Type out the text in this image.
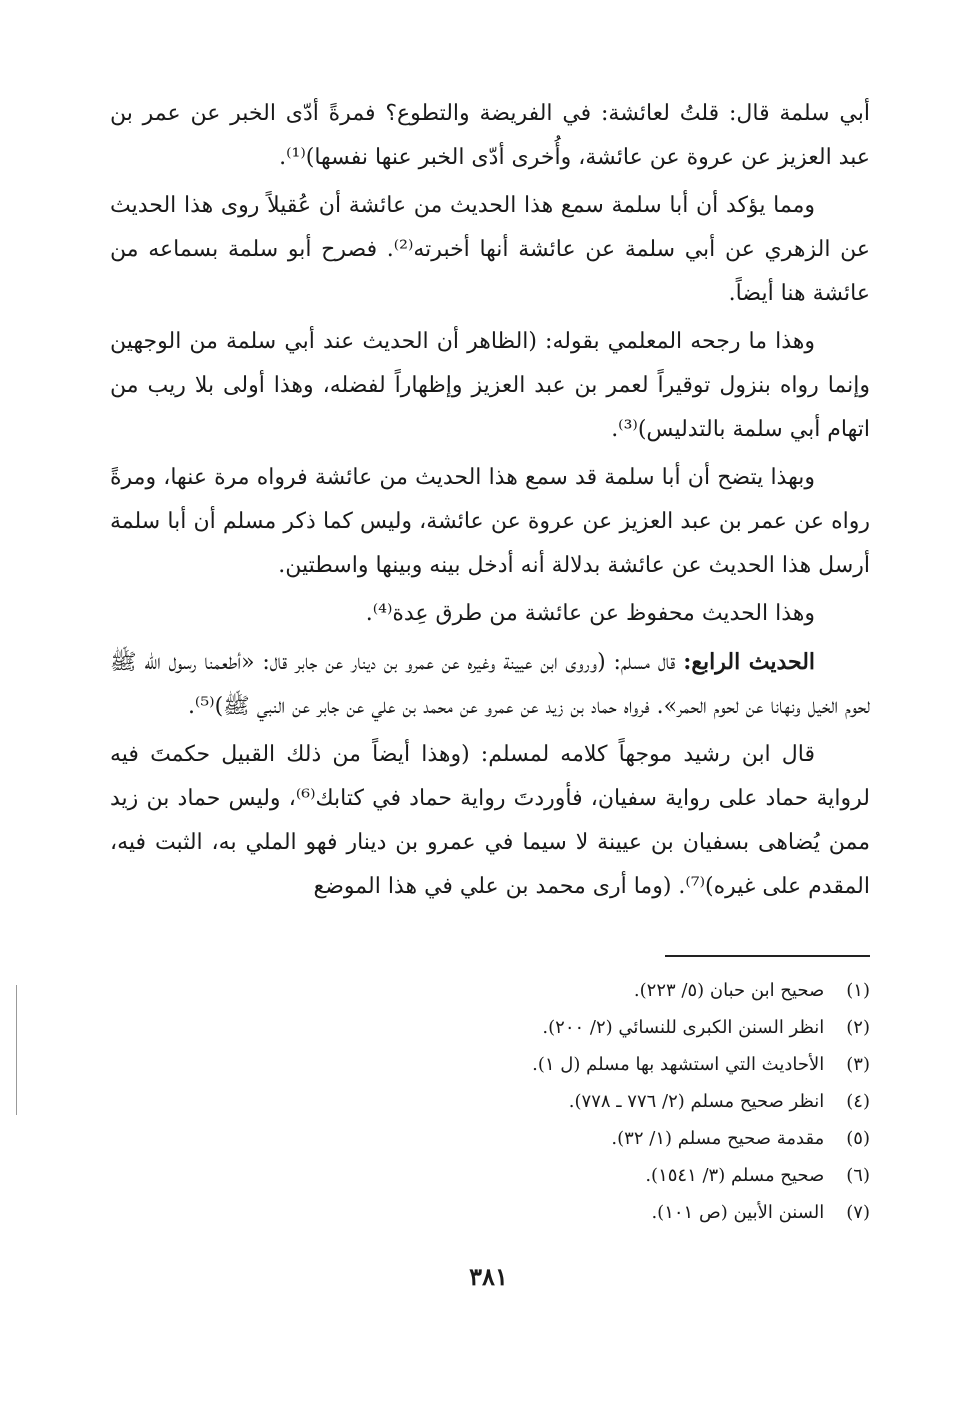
أبي سلمة قال: قلتُ لعائشة: في الفريضة والتطوع؟ فمرةً أدّى الخبر عن عمر بن عبد العزيز عن عروة عن عائشة، وأُخرى أدّى الخبر عنها نفسها)⁽¹⁾.

ومما يؤكد أن أبا سلمة سمع هذا الحديث من عائشة أن عُقيلاً روى هذا الحديث عن الزهري عن أبي سلمة عن عائشة أنها أخبرته⁽²⁾. فصرح أبو سلمة بسماعه من عائشة هنا أيضاً.

وهذا ما رجحه المعلمي بقوله: (الظاهر أن الحديث عند أبي سلمة من الوجهين وإنما رواه بنزول توقيراً لعمر بن عبد العزيز وإظهاراً لفضله، وهذا أولى بلا ريب من اتهام أبي سلمة بالتدليس)⁽³⁾.

وبهذا يتضح أن أبا سلمة قد سمع هذا الحديث من عائشة فرواه مرة عنها، ومرةً رواه عن عمر بن عبد العزيز عن عروة عن عائشة، وليس كما ذكر مسلم أن أبا سلمة أرسل هذا الحديث عن عائشة بدلالة أنه أدخل بينه وبينها واسطتين.

وهذا الحديث محفوظ عن عائشة من طرق عِدة⁽⁴⁾.

الحديث الرابع: قال مسلم: (وروى ابن عيينة وغيره عن عمرو بن دينار عن جابر قال: «أطعمنا رسول الله ﷺ لحوم الخيل ونهانا عن لحوم الحمر». فرواه حماد بن زيد عن عمرو عن محمد بن علي عن جابر عن النبي ﷺ)⁽⁵⁾.

قال ابن رشيد موجهاً كلامه لمسلم: (وهذا أيضاً من ذلك القبيل حكمتَ فيه لرواية حماد على رواية سفيان، فأوردتَ رواية حماد في كتابك⁽⁶⁾، وليس حماد بن زيد ممن يُضاهى بسفيان بن عيينة لا سيما في عمرو بن دينار فهو الملي به، الثبت فيه، المقدم على غيره)⁽⁷⁾. (وما أرى محمد بن علي في هذا الموضع

(١) صحيح ابن حبان (٥/ ٢٢٣).
(٢) انظر السنن الكبرى للنسائي (٢/ ٢٠٠).
(٣) الأحاديث التي استشهد بها مسلم (ل ١).
(٤) انظر صحيح مسلم (٢/ ٧٧٦ ـ ٧٧٨).
(٥) مقدمة صحيح مسلم (١/ ٣٢).
(٦) صحيح مسلم (٣/ ١٥٤١).
(٧) السنن الأبين (ص ١٠١).
٣٨١
